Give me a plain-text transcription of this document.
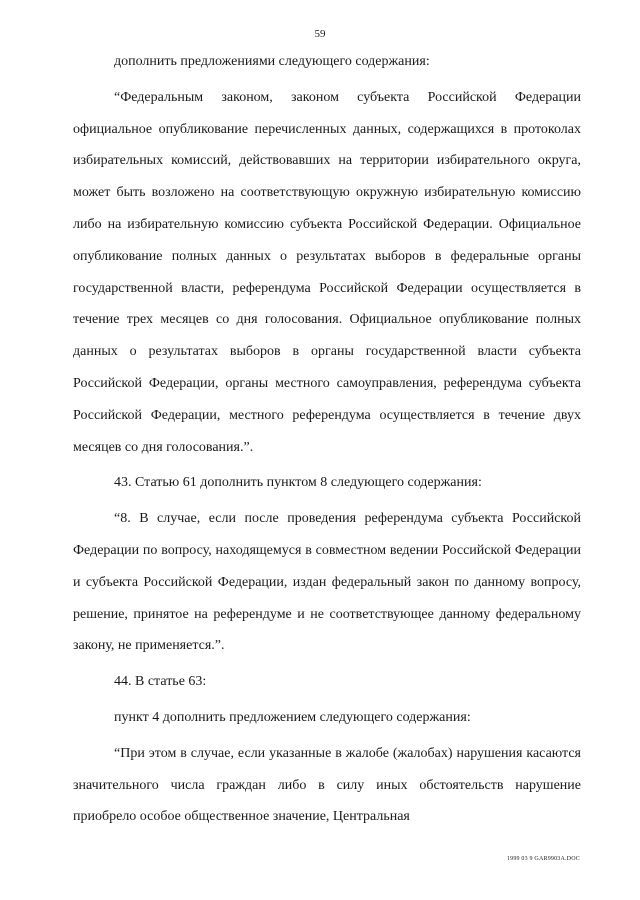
59

дополнить предложениями следующего содержания:

“Федеральным законом, законом субъекта Российской Федерации официальное опубликование перечисленных данных, содержащихся в протоколах избирательных комиссий, действовавших на территории избирательного округа, может быть возложено на соответствующую окружную избирательную комиссию либо на избирательную комиссию субъекта Российской Федерации. Официальное опубликование полных данных о результатах выборов в федеральные органы государственной власти, референдума Российской Федерации осуществляется в течение трех месяцев со дня голосования. Официальное опубликование полных данных о результатах выборов в органы государственной власти субъекта Российской Федерации, органы местного самоуправления, референдума субъекта Российской Федерации, местного референдума осуществляется в течение двух месяцев со дня голосования.”.

43. Статью 61 дополнить пунктом 8 следующего содержания:

“8. В случае, если после проведения референдума субъекта Российской Федерации по вопросу, находящемуся в совместном ведении Российской Федерации и субъекта Российской Федерации, издан федеральный закон по данному вопросу, решение, принятое на референдуме и не соответствующее данному федеральному закону, не применяется.”.

44. В статье 63:

пункт 4 дополнить предложением следующего содержания:

“При этом в случае, если указанные в жалобе (жалобах) нарушения касаются значительного числа граждан либо в силу иных обстоятельств нарушение приобрело особое общественное значение, Центральная

1999 03 9 GAR9903A.DOC
